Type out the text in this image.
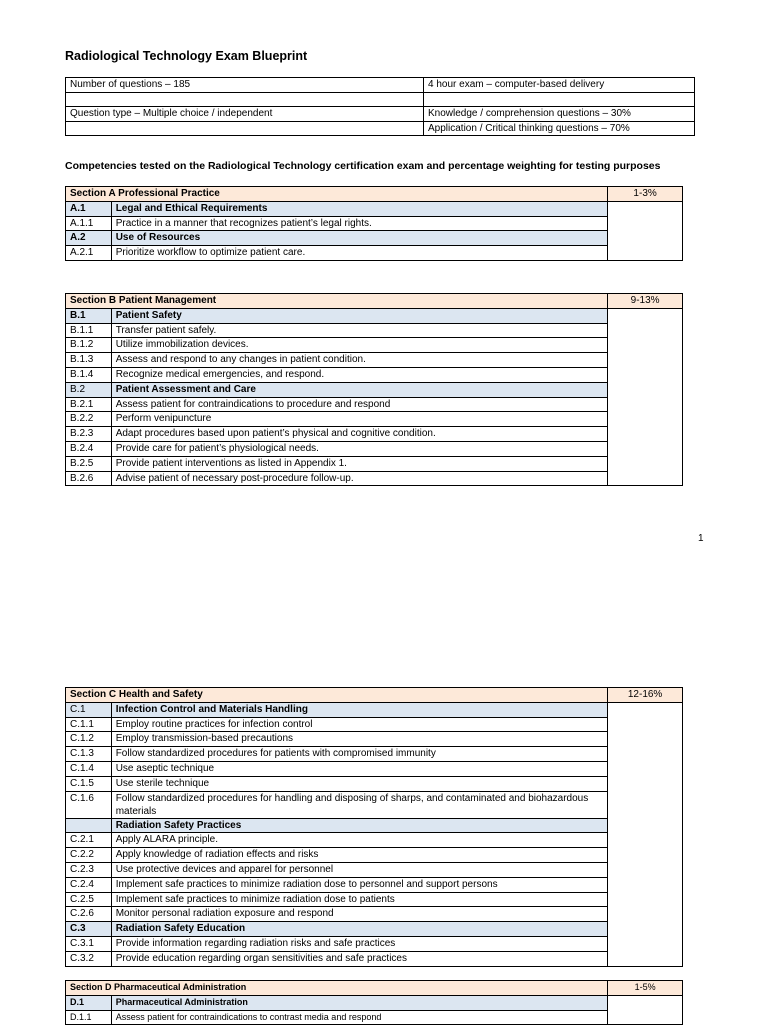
Radiological Technology Exam Blueprint
Number of questions – 185	4 hour exam – computer-based delivery

Question type – Multiple choice / independent	Knowledge / comprehension questions – 30%
	Application / Critical thinking questions – 70%
Competencies tested on the Radiological Technology certification exam and percentage weighting for testing purposes
Section A Professional Practice		1-3%
A.1	Legal and Ethical Requirements	
A.1.1	Practice in a manner that recognizes patient’s legal rights.	
A.2	Use of Resources	
A.2.1	Prioritize workflow to optimize patient care.	
Section B Patient Management		9-13%
B.1	Patient Safety	
B.1.1	Transfer patient safely.	
B.1.2	Utilize immobilization devices.	
B.1.3	Assess and respond to any changes in patient condition.	
B.1.4	Recognize medical emergencies, and respond.	
B.2	Patient Assessment and Care	
B.2.1	Assess patient for contraindications to procedure and respond	
B.2.2	Perform venipuncture	
B.2.3	Adapt procedures based upon patient’s physical and cognitive condition.	
B.2.4	Provide care for patient’s physiological needs.	
B.2.5	Provide patient interventions as listed in Appendix 1.	
B.2.6	Advise patient of necessary post-procedure follow-up.	
1
Section C Health and Safety		12-16%
C.1	Infection Control and Materials Handling	
C.1.1	Employ routine practices for infection control	
C.1.2	Employ transmission-based precautions	
C.1.3	Follow standardized procedures for patients with compromised immunity	
C.1.4	Use aseptic technique	
C.1.5	Use sterile technique	
C.1.6	Follow standardized procedures for handling and disposing of sharps, and contaminated and biohazardous materials	
	Radiation Safety Practices	
C.2.1	Apply ALARA principle.	
C.2.2	Apply knowledge of radiation effects and risks	
C.2.3	Use protective devices and apparel for personnel	
C.2.4	Implement safe practices to minimize radiation dose to personnel and support persons	
C.2.5	Implement safe practices to minimize radiation dose to patients	
C.2.6	Monitor personal radiation exposure and respond	
C.3	Radiation Safety Education	
C.3.1	Provide information regarding radiation risks and safe practices	
C.3.2	Provide education regarding organ sensitivities and safe practices	
Section D Pharmaceutical Administration		1-5%
D.1	Pharmaceutical Administration	
D.1.1	Assess patient for contraindications to contrast media and respond	
